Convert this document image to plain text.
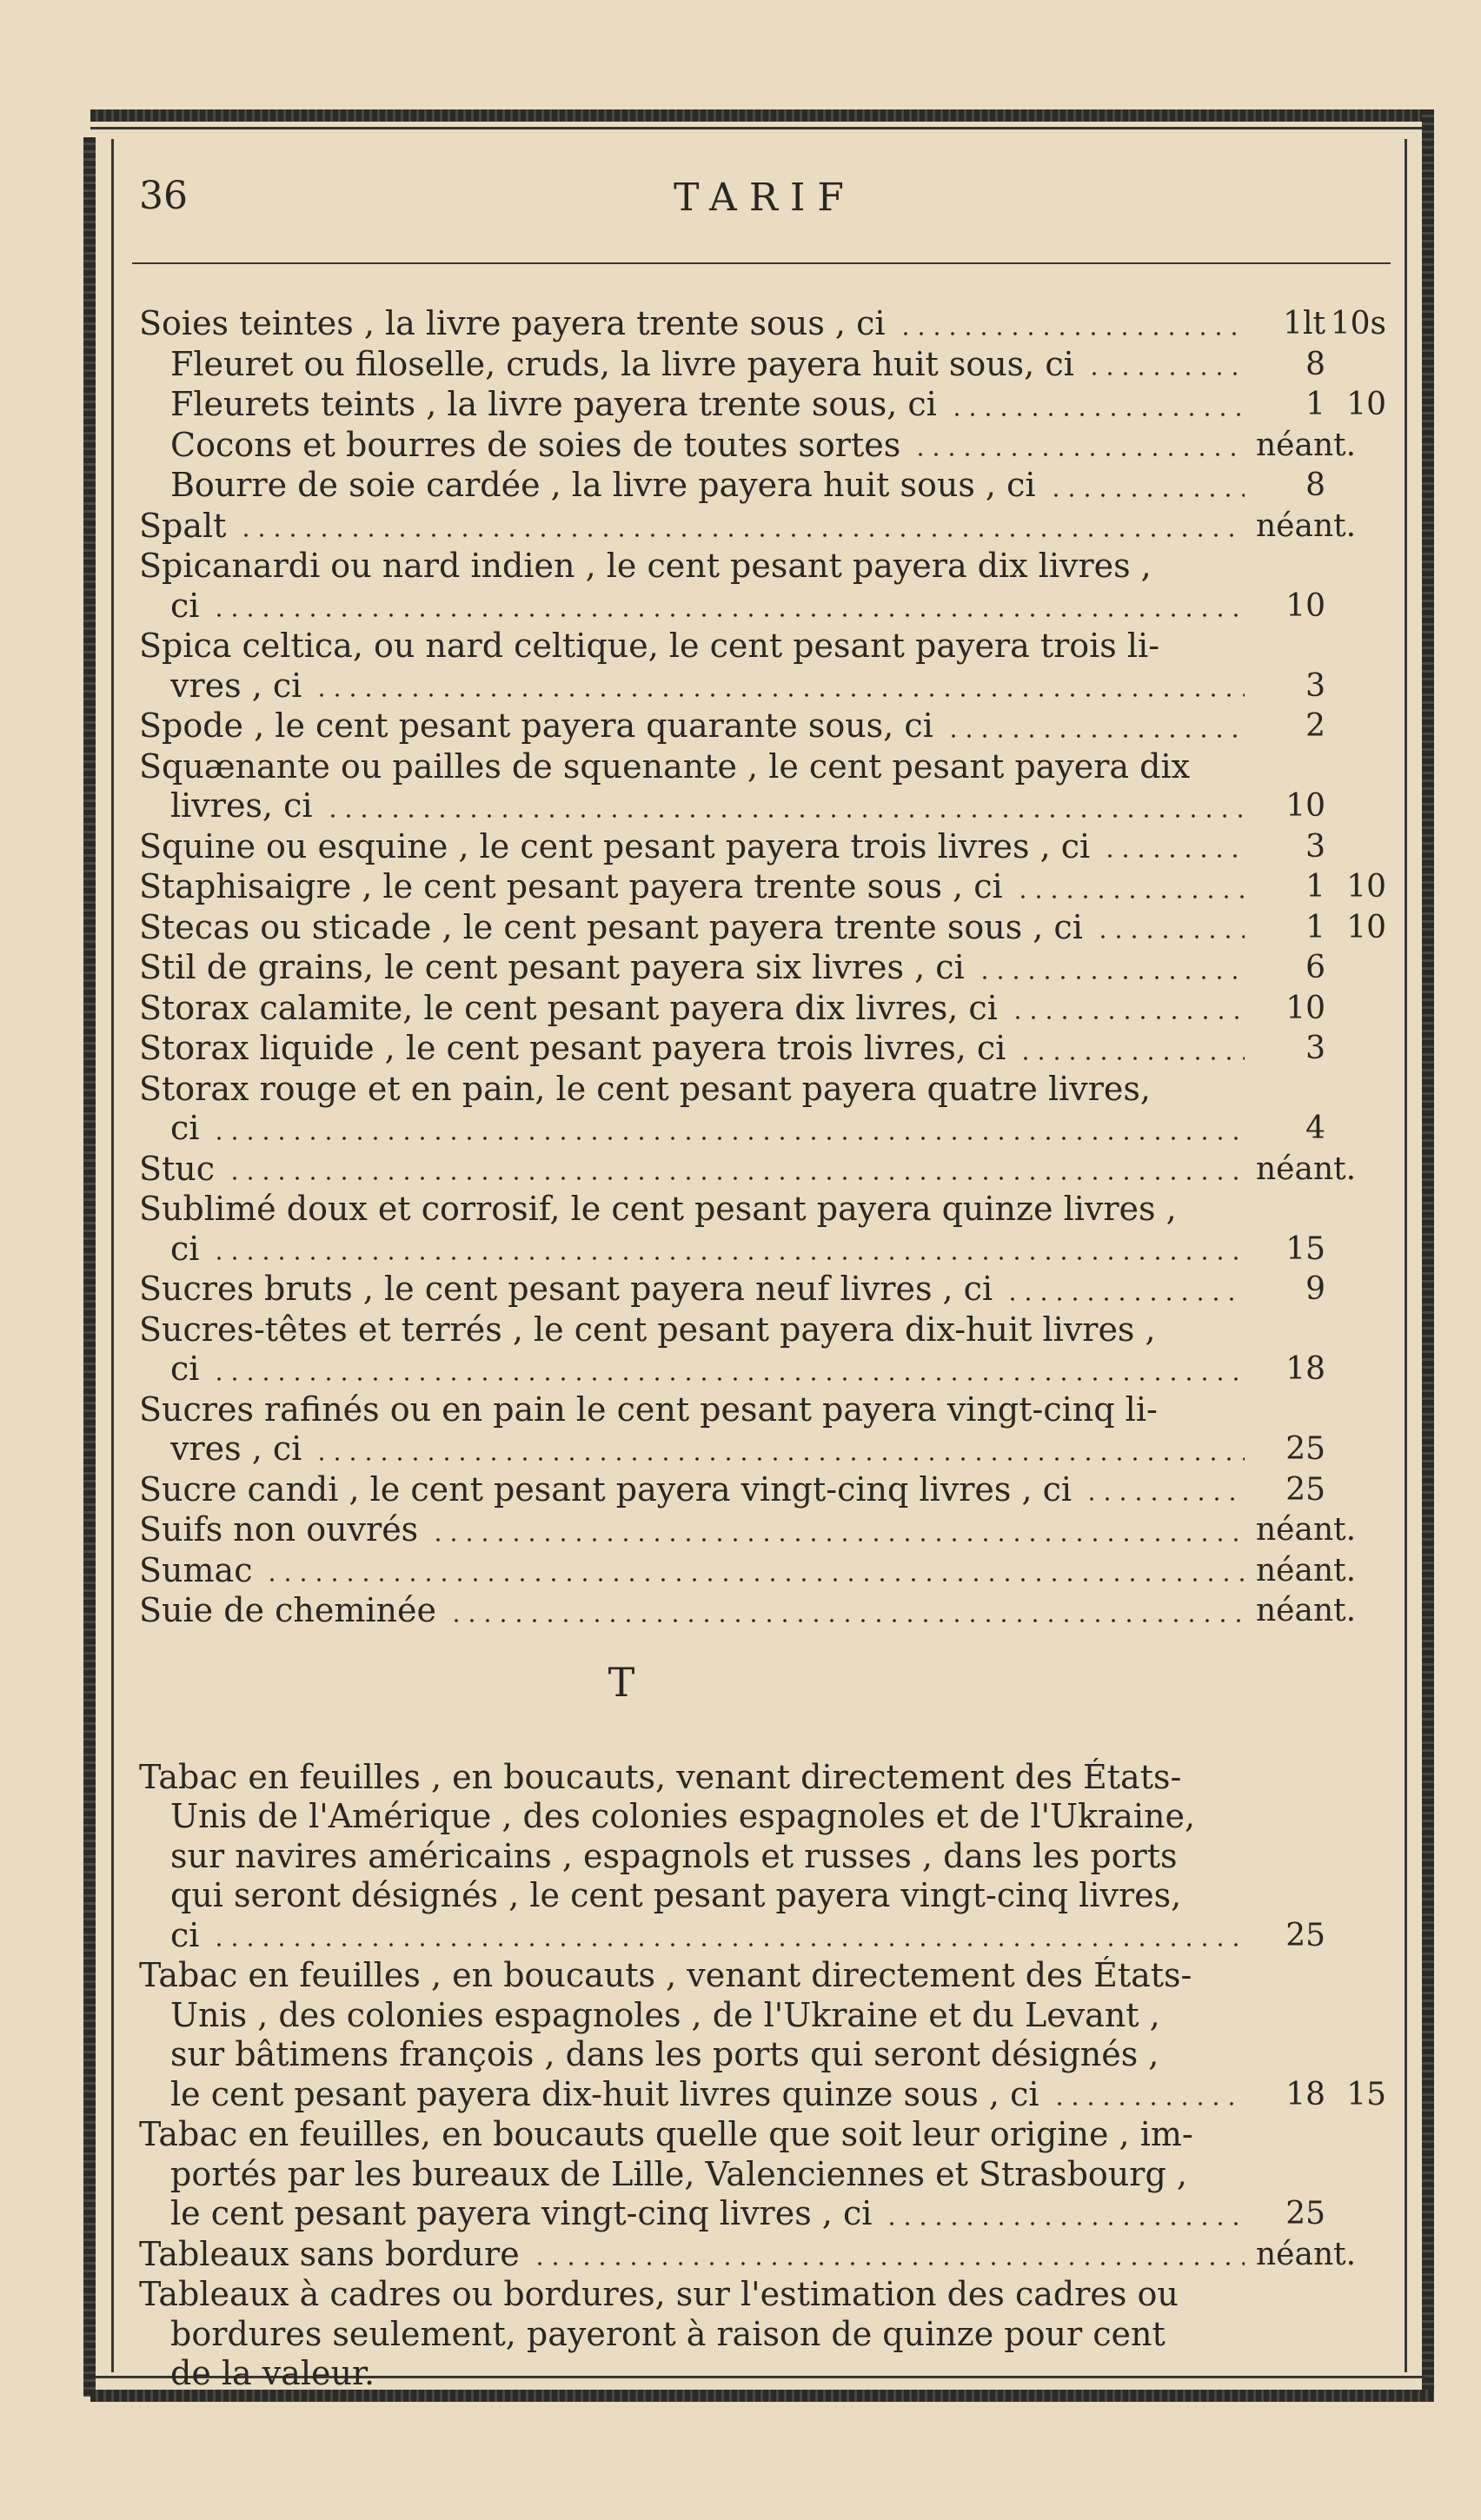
36	TARIF
Soies teintes , la livre payera trente sous , ci	1lt 10s
Fleuret ou filoselle, cruds, la livre payera huit sous, ci	8
Fleurets teints , la livre payera trente sous, ci	1 10
Cocons et bourres de soies de toutes sortes	néant.
Bourre de soie cardée , la livre payera huit sous , ci	8
Spalt	néant.
Spicanardi ou nard indien , le cent pesant payera dix livres ,
ci	10
Spica celtica, ou nard celtique, le cent pesant payera trois li-
vres , ci	3
Spode , le cent pesant payera quarante sous, ci	2
Squænante ou pailles de squenante , le cent pesant payera dix
livres, ci	10
Squine ou esquine , le cent pesant payera trois livres , ci	3
Staphisaigre , le cent pesant payera trente sous , ci	1 10
Stecas ou sticade , le cent pesant payera trente sous , ci	1 10
Stil de grains, le cent pesant payera six livres , ci	6
Storax calamite, le cent pesant payera dix livres, ci	10
Storax liquide , le cent pesant payera trois livres, ci	3
Storax rouge et en pain, le cent pesant payera quatre livres,
ci	4
Stuc	néant.
Sublimé doux et corrosif, le cent pesant payera quinze livres ,
ci	15
Sucres bruts , le cent pesant payera neuf livres , ci	9
Sucres-têtes et terrés , le cent pesant payera dix-huit livres ,
ci	18
Sucres rafinés ou en pain le cent pesant payera vingt-cinq li-
vres , ci	25
Sucre candi , le cent pesant payera vingt-cinq livres , ci	25
Suifs non ouvrés	néant.
Sumac	néant.
Suie de cheminée	néant.
T
Tabac en feuilles , en boucauts, venant directement des États-
Unis de l'Amérique , des colonies espagnoles et de l'Ukraine,
sur navires américains , espagnols et russes , dans les ports
qui seront désignés , le cent pesant payera vingt-cinq livres,
ci	25
Tabac en feuilles , en boucauts , venant directement des États-
Unis , des colonies espagnoles , de l'Ukraine et du Levant ,
sur bâtimens françois , dans les ports qui seront désignés ,
le cent pesant payera dix-huit livres quinze sous , ci	18 15
Tabac en feuilles, en boucauts quelle que soit leur origine , im-
portés par les bureaux de Lille, Valenciennes et Strasbourg ,
le cent pesant payera vingt-cinq livres , ci	25
Tableaux sans bordure	néant.
Tableaux à cadres ou bordures, sur l'estimation des cadres ou
bordures seulement, payeront à raison de quinze pour cent
de la valeur.
